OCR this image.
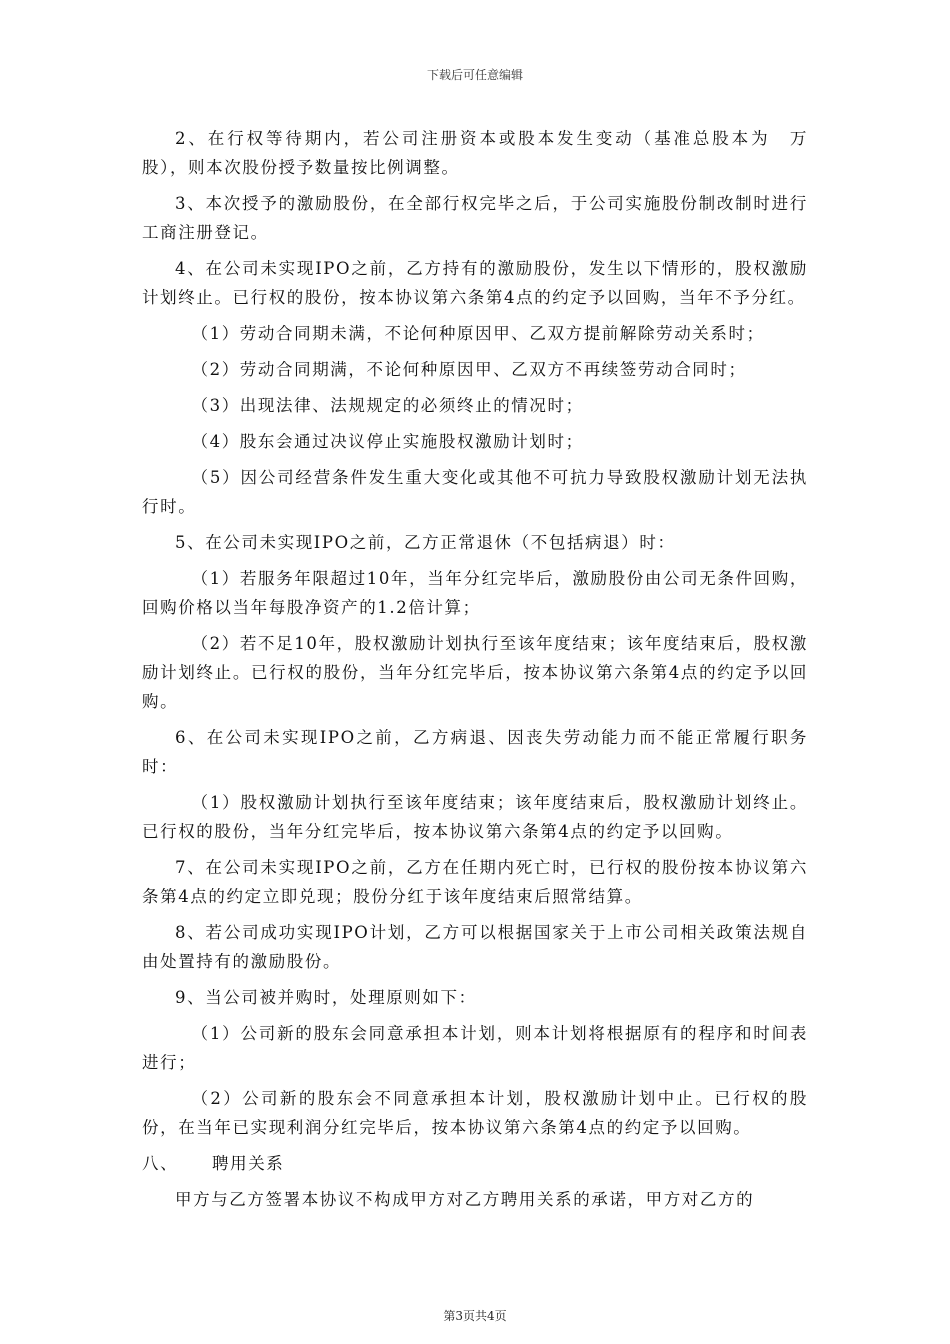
下载后可任意编辑

2、在行权等待期内，若公司注册资本或股本发生变动（基准总股本为　万股），则本次股份授予数量按比例调整。

3、本次授予的激励股份，在全部行权完毕之后，于公司实施股份制改制时进行工商注册登记。

4、在公司未实现IPO之前，乙方持有的激励股份，发生以下情形的，股权激励计划终止。已行权的股份，按本协议第六条第4点的约定予以回购，当年不予分红。

（1）劳动合同期未满，不论何种原因甲、乙双方提前解除劳动关系时；

（2）劳动合同期满，不论何种原因甲、乙双方不再续签劳动合同时；

（3）出现法律、法规规定的必须终止的情况时；

（4）股东会通过决议停止实施股权激励计划时；

（5）因公司经营条件发生重大变化或其他不可抗力导致股权激励计划无法执行时。

5、在公司未实现IPO之前，乙方正常退休（不包括病退）时：

（1）若服务年限超过10年，当年分红完毕后，激励股份由公司无条件回购，回购价格以当年每股净资产的1.2倍计算；

（2）若不足10年，股权激励计划执行至该年度结束；该年度结束后，股权激励计划终止。已行权的股份，当年分红完毕后，按本协议第六条第4点的约定予以回购。

6、在公司未实现IPO之前，乙方病退、因丧失劳动能力而不能正常履行职务时：

（1）股权激励计划执行至该年度结束；该年度结束后，股权激励计划终止。已行权的股份，当年分红完毕后，按本协议第六条第4点的约定予以回购。

7、在公司未实现IPO之前，乙方在任期内死亡时，已行权的股份按本协议第六条第4点的约定立即兑现；股份分红于该年度结束后照常结算。

8、若公司成功实现IPO计划，乙方可以根据国家关于上市公司相关政策法规自由处置持有的激励股份。

9、当公司被并购时，处理原则如下：

（1）公司新的股东会同意承担本计划，则本计划将根据原有的程序和时间表进行；

（2）公司新的股东会不同意承担本计划，股权激励计划中止。已行权的股份，在当年已实现利润分红完毕后，按本协议第六条第4点的约定予以回购。

八、 聘用关系

甲方与乙方签署本协议不构成甲方对乙方聘用关系的承诺，甲方对乙方的

第3页共4页
